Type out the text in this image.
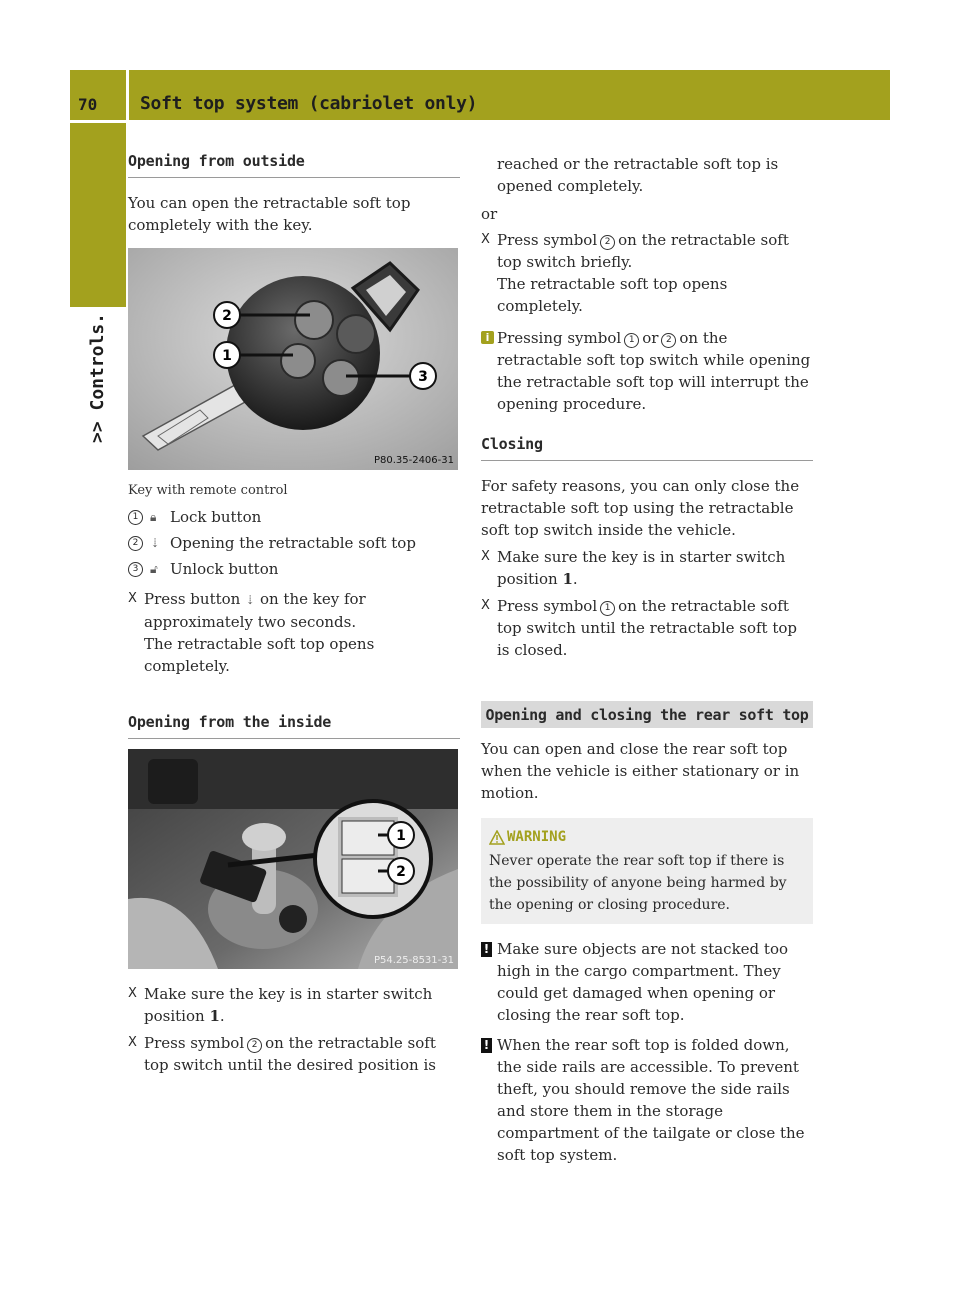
70	Soft top system (cabriolet only)
>> Controls.
Opening from outside

You can open the retractable soft top completely with the key.

2
1
3
P80.35-2406-31

Key with remote control

1 🔒︎ Lock button
2 ⇣ Opening the retractable soft top
3 🔓︎ Unlock button
X Press button ⇣ on the key for approximately two seconds.
The retractable soft top opens completely.
Opening from the inside
1
2
P54.25-8531-31
X Make sure the key is in starter switch position 1.
X Press symbol 2 on the retractable soft top switch until the desired position is

reached or the retractable soft top is opened completely.

or

X Press symbol 2 on the retractable soft top switch briefly.
The retractable soft top opens completely.
i Pressing symbol 1 or 2 on the retractable soft top switch while opening the retractable soft top will interrupt the opening procedure.
Closing

For safety reasons, you can only close the retractable soft top using the retractable soft top switch inside the vehicle.

X Make sure the key is in starter switch position 1.
X Press symbol 1 on the retractable soft top switch until the retractable soft top is closed.
Opening and closing the rear soft top

You can open and close the rear soft top when the vehicle is either stationary or in motion.

WARNING

Never operate the rear soft top if there is the possibility of anyone being harmed by the opening or closing procedure.

! Make sure objects are not stacked too high in the cargo compartment. They could get damaged when opening or closing the rear soft top.
! When the rear soft top is folded down, the side rails are accessible. To prevent theft, you should remove the side rails and store them in the storage compartment of the tailgate or close the soft top system.
